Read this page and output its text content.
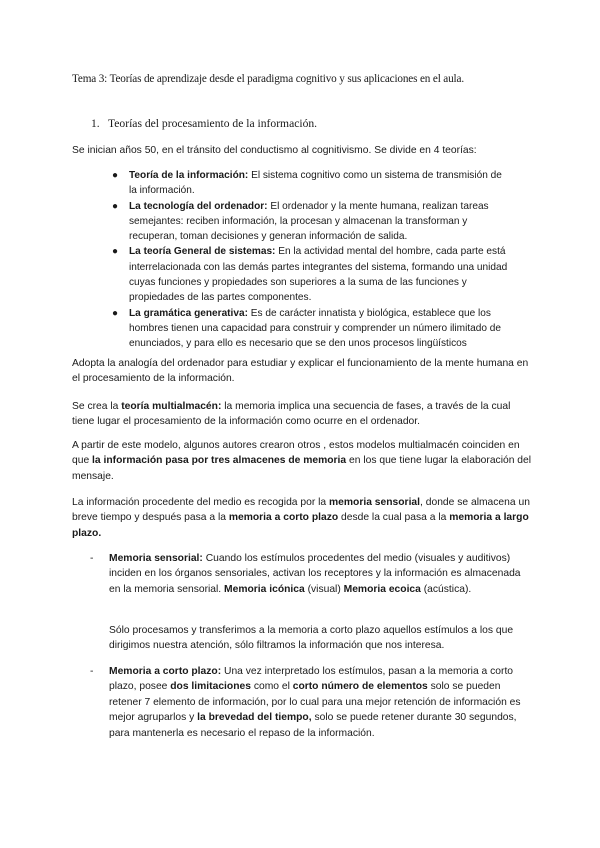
Tema 3: Teorías de aprendizaje desde el paradigma cognitivo y sus aplicaciones en el aula.
1. Teorías del procesamiento de la información.
Se inician años 50, en el tránsito del conductismo al cognitivismo. Se divide en 4 teorías:
● Teoría de la información: El sistema cognitivo como un sistema de transmisión de la información.
● La tecnología del ordenador: El ordenador y la mente humana, realizan tareas semejantes: reciben información, la procesan y almacenan la transforman y recuperan, toman decisiones y generan información de salida.
● La teoría General de sistemas: En la actividad mental del hombre, cada parte está interrelacionada con las demás partes integrantes del sistema, formando una unidad cuyas funciones y propiedades son superiores a la suma de las funciones y propiedades de las partes componentes.
● La gramática generativa: Es de carácter innatista y biológica, establece que los hombres tienen una capacidad para construir y comprender un número ilimitado de enunciados, y para ello es necesario que se den unos procesos lingüísticos
Adopta la analogía del ordenador para estudiar y explicar el funcionamiento de la mente humana en el procesamiento de la información.
Se crea la teoría multialmacén: la memoria implica una secuencia de fases, a través de la cual tiene lugar el procesamiento de la información como ocurre en el ordenador.
A partir de este modelo, algunos autores crearon otros , estos modelos multialmacén coinciden en que la información pasa por tres almacenes de memoria en los que tiene lugar la elaboración del mensaje.
La información procedente del medio es recogida por la memoria sensorial, donde se almacena un breve tiempo y después pasa a la memoria a corto plazo desde la cual pasa a la memoria a largo plazo.
- Memoria sensorial: Cuando los estímulos procedentes del medio (visuales y auditivos) inciden en los órganos sensoriales, activan los receptores y la información es almacenada en la memoria sensorial. Memoria icónica (visual) Memoria ecoica (acústica).
Sólo procesamos y transferimos a la memoria a corto plazo aquellos estímulos a los que dirigimos nuestra atención, sólo filtramos la información que nos interesa.
- Memoria a corto plazo: Una vez interpretado los estímulos, pasan a la memoria a corto plazo, posee dos limitaciones como el corto número de elementos solo se pueden retener 7 elemento de información, por lo cual para una mejor retención de información es mejor agruparlos y la brevedad del tiempo, solo se puede retener durante 30 segundos, para mantenerla es necesario el repaso de la información.
